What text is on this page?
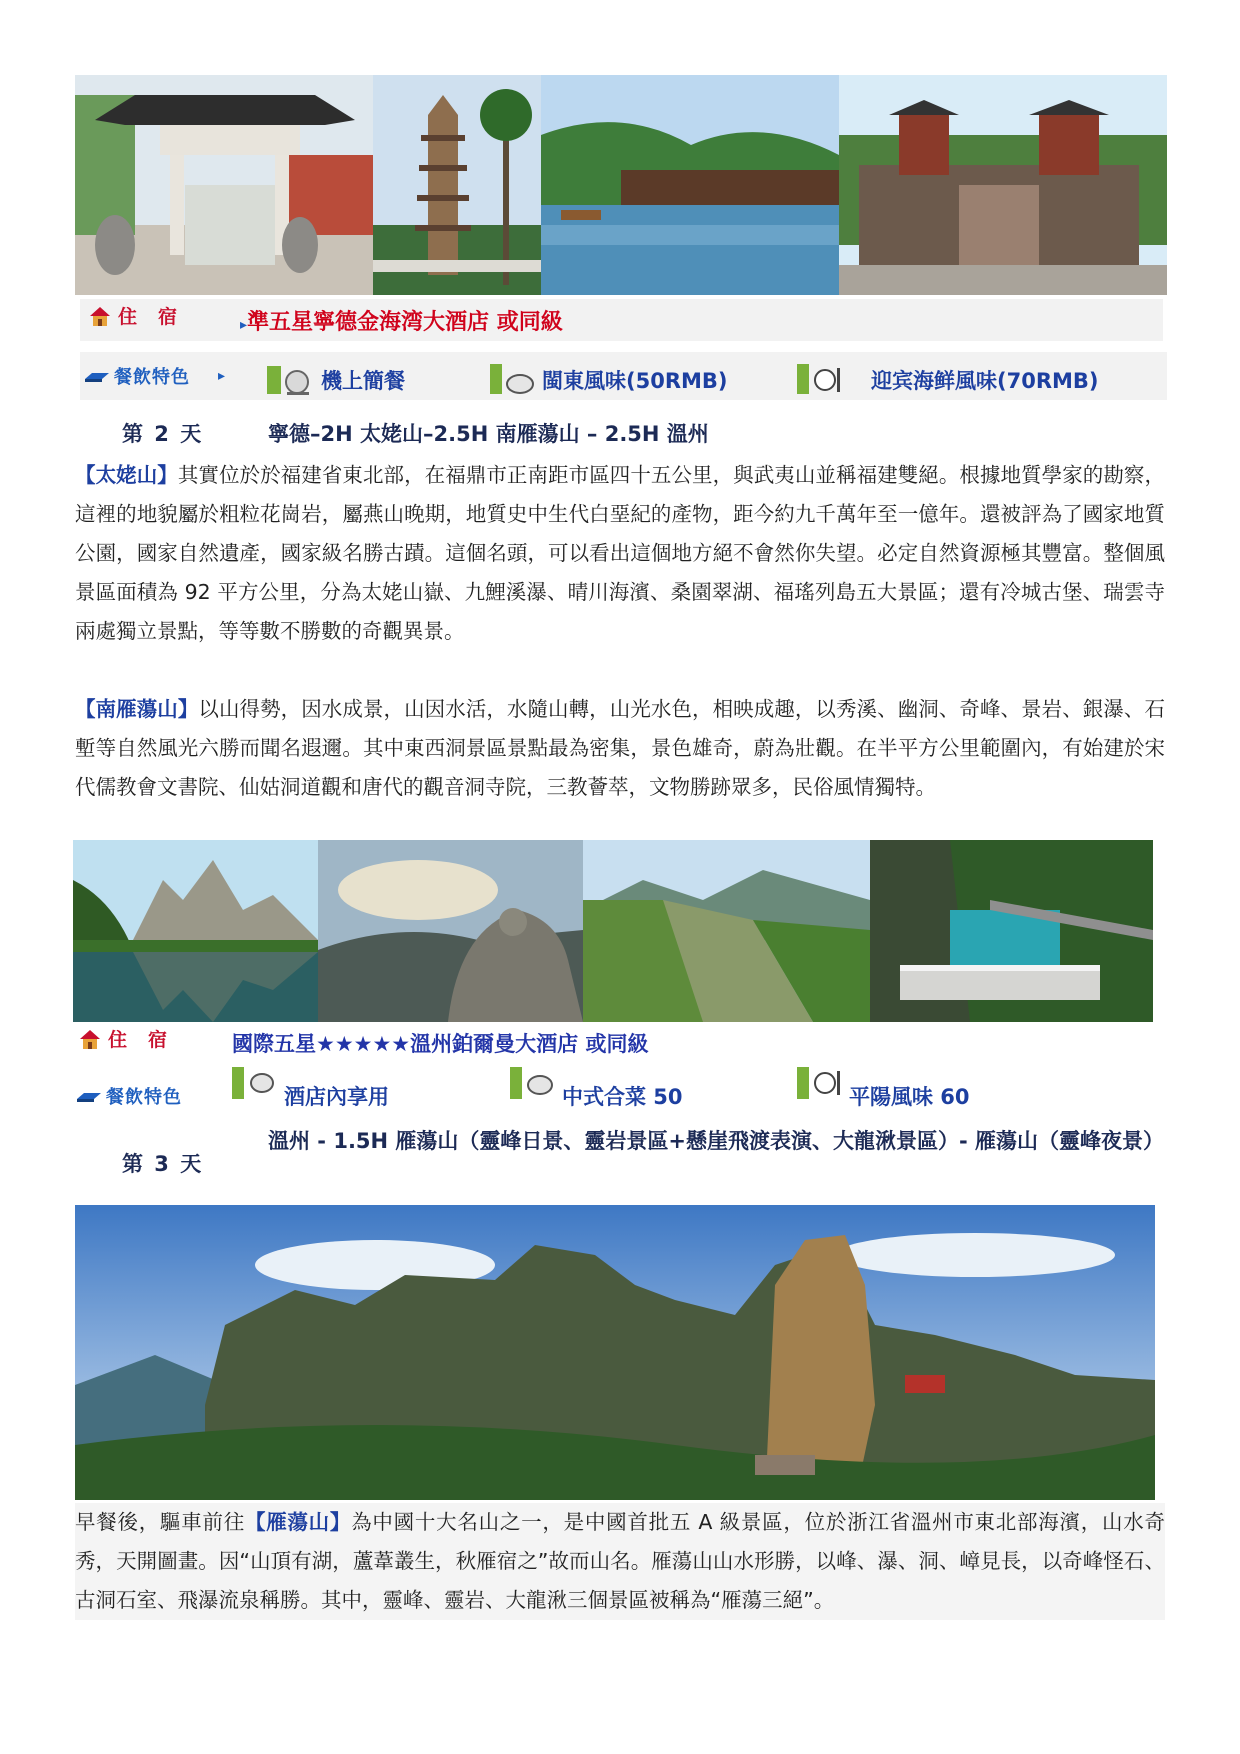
住　宿	▸準五星寧德金海湾大酒店 或同級
餐飲特色 ▸	機上簡餐	閩東風味(50RMB)	迎宾海鲜風味(70RMB)
第 2 天	寧德–2H 太姥山–2.5H 南雁蕩山 – 2.5H 溫州
【太姥山】其實位於於福建省東北部，在福鼎市正南距市區四十五公里，與武夷山並稱福建雙絕。根據地質學家的勘察，這裡的地貌屬於粗粒花崗岩，屬燕山晚期，地質史中生代白堊紀的產物，距今約九千萬年至一億年。還被評為了國家地質公園，國家自然遺產，國家級名勝古蹟。這個名頭，可以看出這個地方絕不會然你失望。必定自然資源極其豐富。整個風景區面積為 92 平方公里，分為太姥山嶽、九鯉溪瀑、晴川海濱、桑園翠湖、福瑤列島五大景區；還有冷城古堡、瑞雲寺兩處獨立景點，等等數不勝數的奇觀異景。
【南雁蕩山】以山得勢，因水成景，山因水活，水隨山轉，山光水色，相映成趣，以秀溪、幽洞、奇峰、景岩、銀瀑、石塹等自然風光六勝而聞名遐邇。其中東西洞景區景點最為密集，景色雄奇，蔚為壯觀。在半平方公里範圍內，有始建於宋代儒教會文書院、仙姑洞道觀和唐代的觀音洞寺院，三教薈萃，文物勝跡眾多，民俗風情獨特。
住　宿	國際五星★★★★★溫州鉑爾曼大酒店 或同級
餐飲特色	酒店內享用	中式合菜 50	平陽風味 60
第 3 天
溫州 - 1.5H 雁蕩山（靈峰日景、靈岩景區+懸崖飛渡表演、大龍湫景區）- 雁蕩山（靈峰夜景）
早餐後，驅車前往【雁蕩山】為中國十大名山之一，是中國首批五 A 級景區，位於浙江省溫州市東北部海濱，山水奇秀，天開圖畫。因“山頂有湖，蘆葦叢生，秋雁宿之”故而山名。雁蕩山山水形勝，以峰、瀑、洞、嶂見長，以奇峰怪石、古洞石室、飛瀑流泉稱勝。其中，靈峰、靈岩、大龍湫三個景區被稱為“雁蕩三絕”。
